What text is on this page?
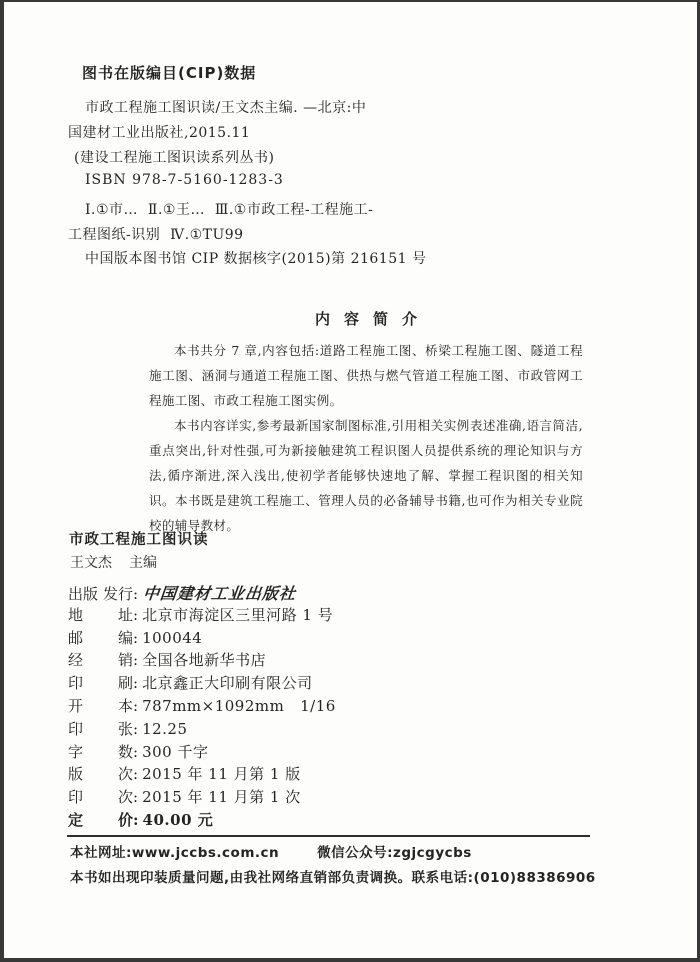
图书在版编目(CIP)数据
市政工程施工图识读/王文杰主编. —北京:中
国建材工业出版社,2015.11
(建设工程施工图识读系列丛书)
ISBN 978-7-5160-1283-3
Ⅰ.①市…  Ⅱ.①王…  Ⅲ.①市政工程-工程施工-
工程图纸-识别  Ⅳ.①TU99
中国版本图书馆 CIP 数据核字(2015)第 216151 号
内容简介

本书共分 7 章,内容包括:道路工程施工图、桥梁工程施工图、隧道工程施工图、涵洞与通道工程施工图、供热与燃气管道工程施工图、市政管网工程施工图、市政工程施工图实例。

本书内容详实,参考最新国家制图标准,引用相关实例表述准确,语言简洁,重点突出,针对性强,可为新接触建筑工程识图人员提供系统的理论知识与方法,循序渐进,深入浅出,使初学者能够快速地了解、掌握工程识图的相关知识。本书既是建筑工程施工、管理人员的必备辅导书籍,也可作为相关专业院校的辅导教材。

市政工程施工图识读
王文杰 主编
出版 发行 : 中国建材工业出版社
地 址 : 北京市海淀区三里河路 1 号
邮 编 : 100044
经 销 : 全国各地新华书店
印 刷 : 北京鑫正大印刷有限公司
开 本 : 787mm×1092mm   1/16
印 张 : 12.25
字 数 : 300 千字
版 次 : 2015 年 11 月第 1 版
印 次 : 2015 年 11 月第 1 次
定 价 : 40.00 元
本社网址:www.jccbs.com.cn	微信公众号:zgjcgycbs
本书如出现印装质量问题,由我社网络直销部负责调换。联系电话:(010)88386906
